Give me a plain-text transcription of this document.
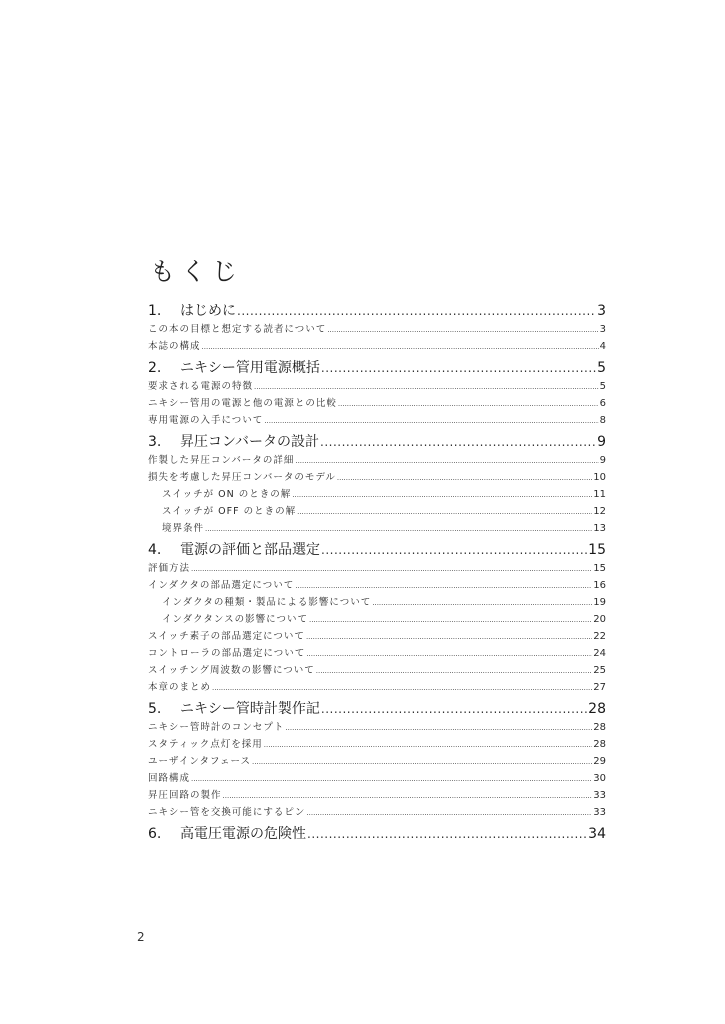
もくじ
1. はじめに .....	3
この本の目標と想定する読者について .....	3
本誌の構成 .....	4
2. ニキシー管用電源概括 .....	5
要求される電源の特徴 .....	5
ニキシー管用の電源と他の電源との比較 .....	6
専用電源の入手について .....	8
3. 昇圧コンバータの設計 .....	9
作製した昇圧コンバータの詳細 .....	9
損失を考慮した昇圧コンバータのモデル .....	10
スイッチが ON のときの解 .....	11
スイッチが OFF のときの解 .....	12
境界条件 .....	13
4. 電源の評価と部品選定 .....	15
評価方法 .....	15
インダクタの部品選定について .....	16
インダクタの種類・製品による影響について .....	19
インダクタンスの影響について .....	20
スイッチ素子の部品選定について .....	22
コントローラの部品選定について .....	24
スイッチング周波数の影響について .....	25
本章のまとめ .....	27
5. ニキシー管時計製作記 .....	28
ニキシー管時計のコンセプト .....	28
スタティック点灯を採用 .....	28
ユーザインタフェース .....	29
回路構成 .....	30
昇圧回路の製作 .....	33
ニキシー管を交換可能にするピン .....	33
6. 高電圧電源の危険性 .....	34
2
